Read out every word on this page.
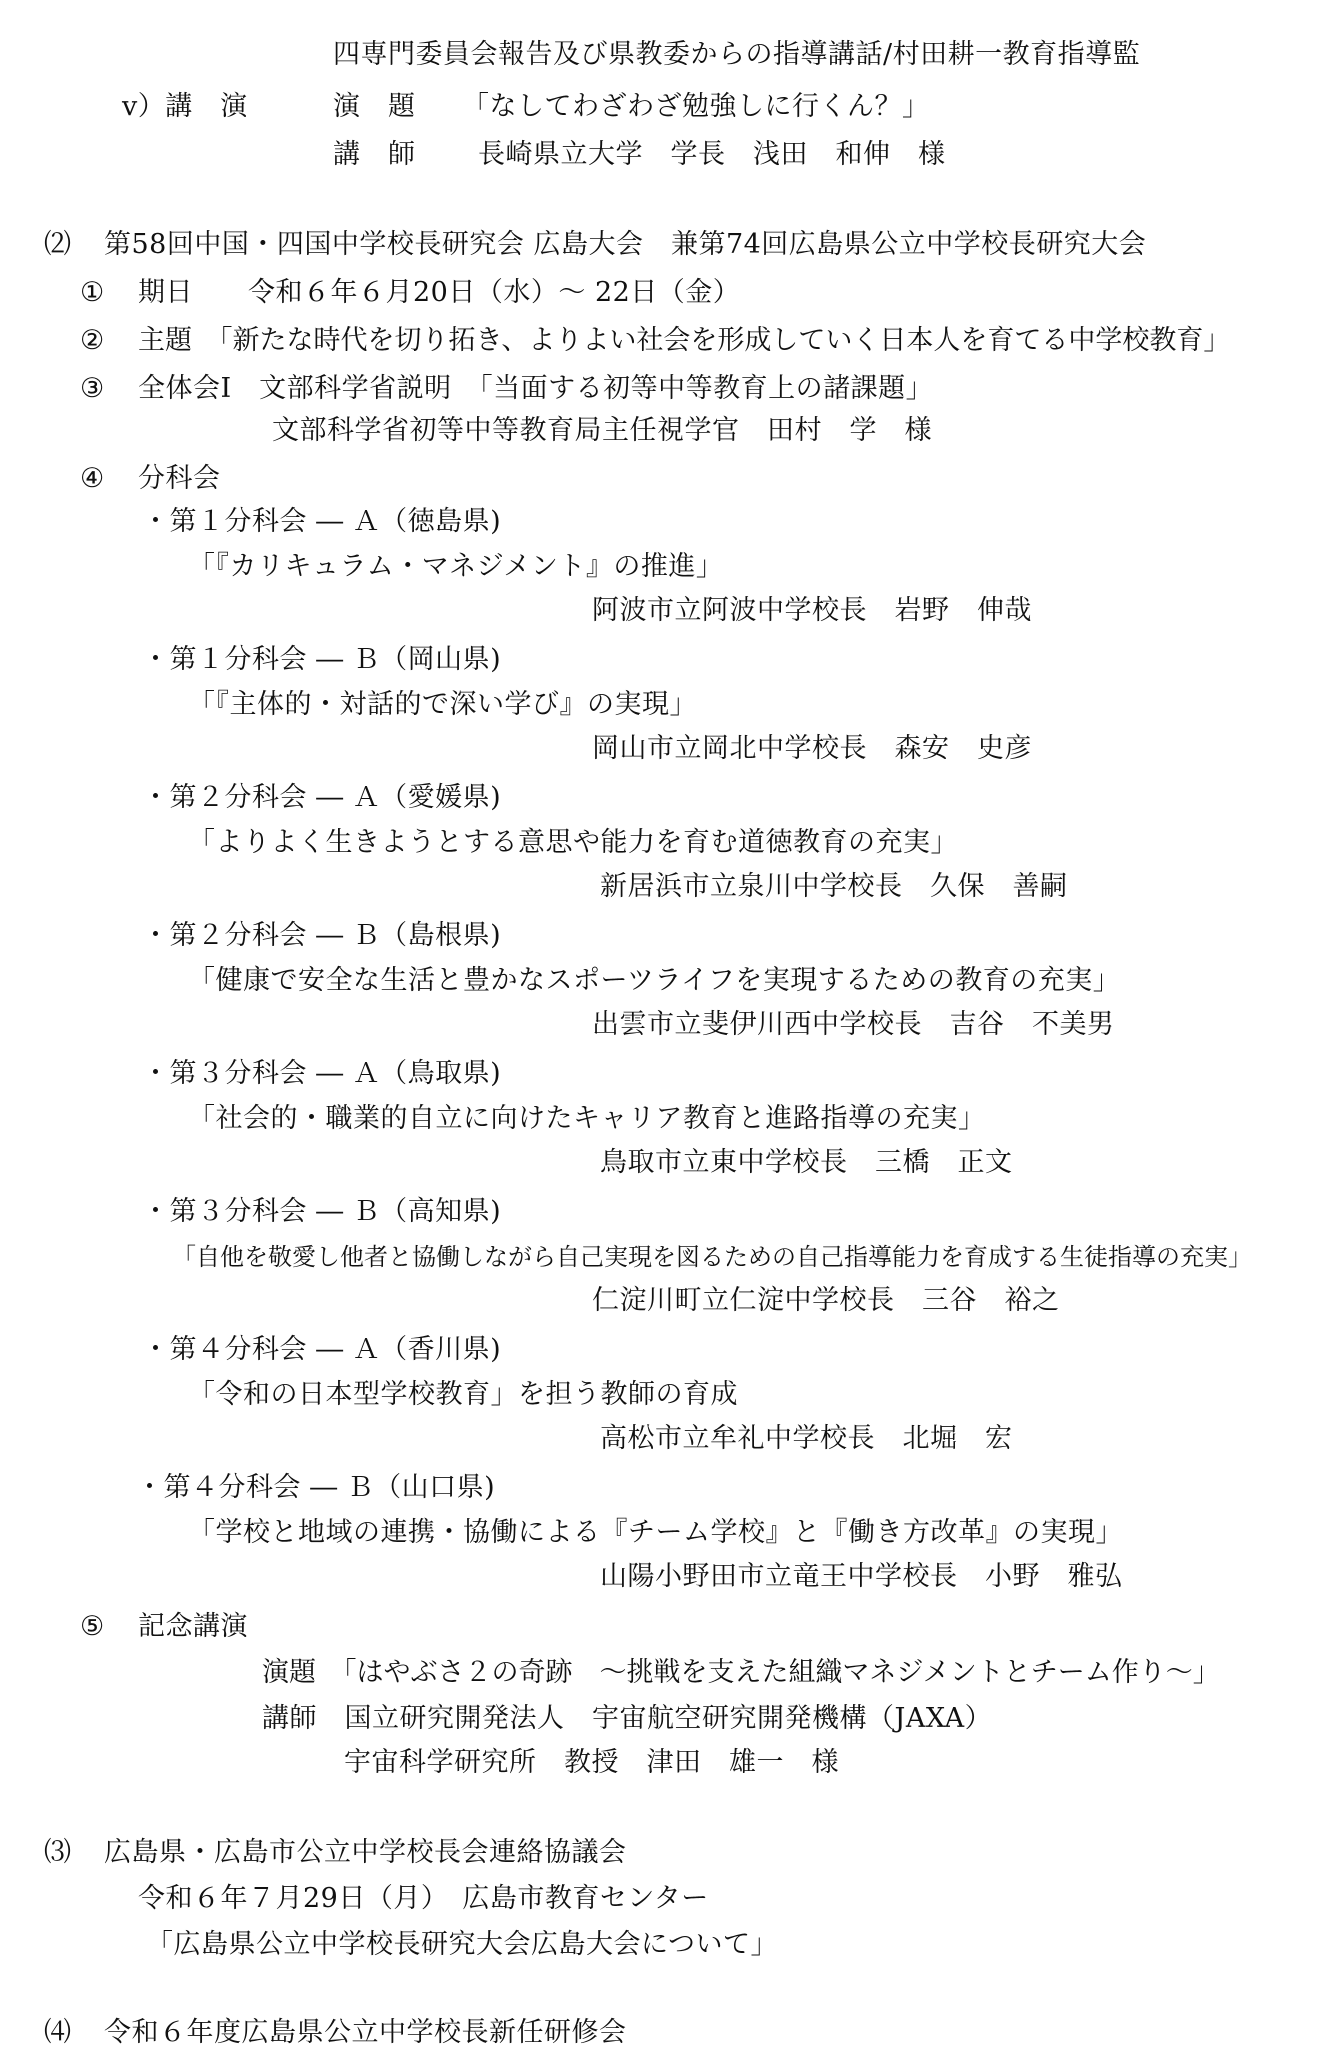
四専門委員会報告及び県教委からの指導講話/村田耕一教育指導監

v）講　演	演　題 「なしてわざわざ勉強しに行くん？」

講　師 長崎県立大学　学長　浅田　和伸　様

⑵ 第58回中国・四国中学校長研究会 広島大会　兼第74回広島県公立中学校長研究大会

① 期日　　令和６年６月20日（水）～ 22日（金）

② 主題　「新たな時代を切り拓き、よりよい社会を形成していく日本人を育てる中学校教育」

③ 全体会Ⅰ　文部科学省説明　「当面する初等中等教育上の諸課題」

文部科学省初等中等教育局主任視学官　田村　学　様

④ 分科会

・第１分科会 ― Ａ（徳島県)

「『カリキュラム・マネジメント』の推進」

阿波市立阿波中学校長　岩野　伸哉

・第１分科会 ― Ｂ（岡山県)

「『主体的・対話的で深い学び』の実現」

岡山市立岡北中学校長　森安　史彦

・第２分科会 ― Ａ（愛媛県)

「よりよく生きようとする意思や能力を育む道徳教育の充実」

新居浜市立泉川中学校長　久保　善嗣

・第２分科会 ― Ｂ（島根県)

「健康で安全な生活と豊かなスポーツライフを実現するための教育の充実」

出雲市立斐伊川西中学校長　吉谷　不美男

・第３分科会 ― Ａ（鳥取県)

「社会的・職業的自立に向けたキャリア教育と進路指導の充実」

鳥取市立東中学校長　三橋　正文

・第３分科会 ― Ｂ（高知県)

「自他を敬愛し他者と協働しながら自己実現を図るための自己指導能力を育成する生徒指導の充実」

仁淀川町立仁淀中学校長　三谷　裕之

・第４分科会 ― Ａ（香川県)

「令和の日本型学校教育」を担う教師の育成

高松市立牟礼中学校長　北堀　宏

・第４分科会 ― Ｂ（山口県)

「学校と地域の連携・協働による『チーム学校』と『働き方改革』の実現」

山陽小野田市立竜王中学校長　小野　雅弘

⑤ 記念講演

演題　「はやぶさ２の奇跡　～挑戦を支えた組織マネジメントとチーム作り～」

講師　国立研究開発法人　宇宙航空研究開発機構（JAXA）

宇宙科学研究所　教授　津田　雄一　様

⑶ 広島県・広島市公立中学校長会連絡協議会

令和６年７月29日（月）　広島市教育センター

「広島県公立中学校長研究大会広島大会について」

⑷ 令和６年度広島県公立中学校長新任研修会
